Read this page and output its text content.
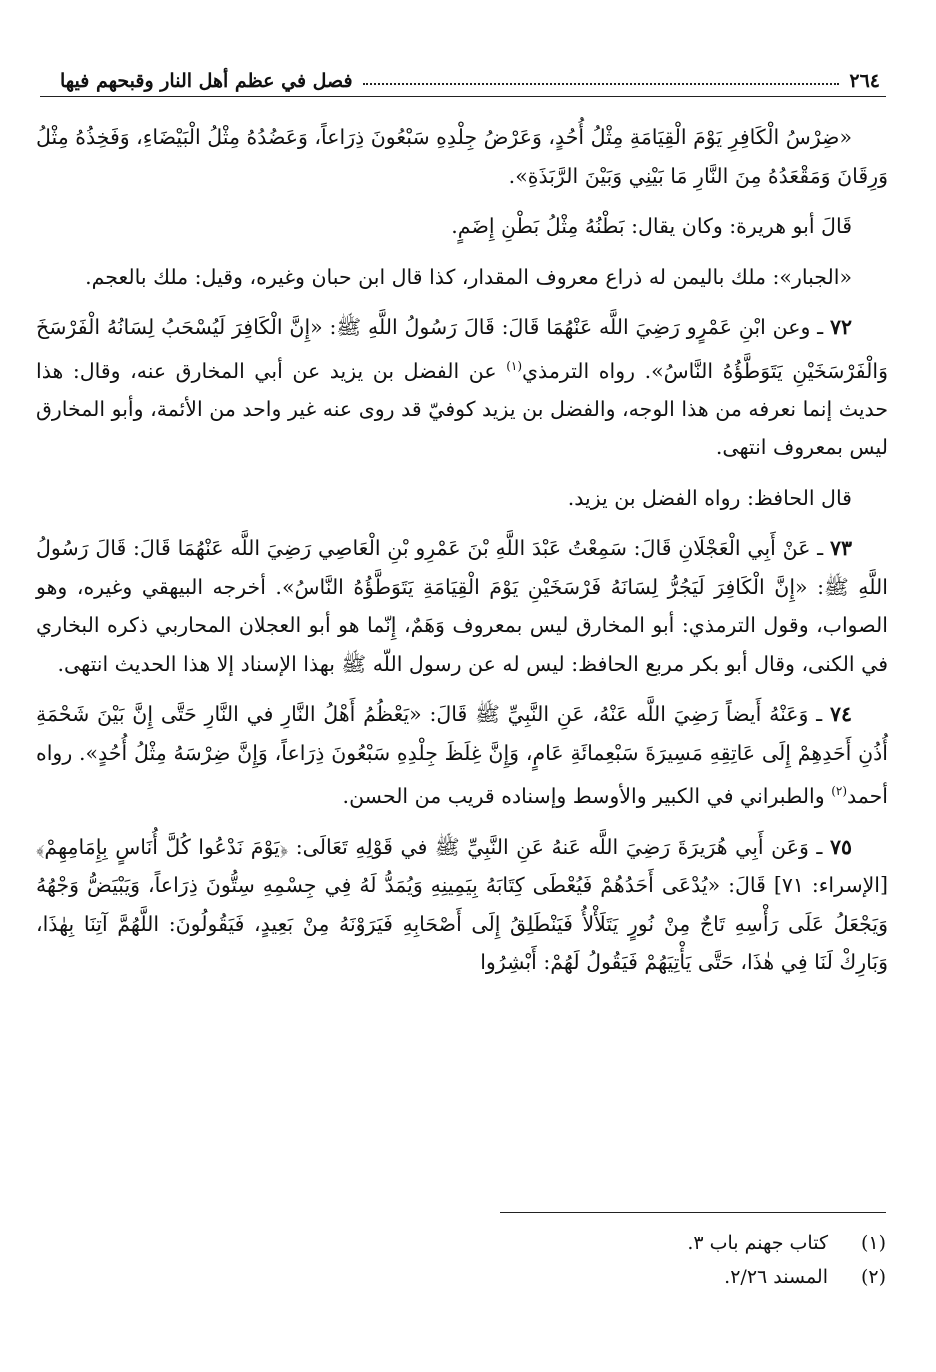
٢٦٤
فصل في عظم أهل النار وقبحهم فيها

«ضِرْسُ الْكَافِرِ يَوْمَ الْقِيَامَةِ مِثْلُ أُحُدٍ، وَعَرْضُ جِلْدِهِ سَبْعُونَ ذِرَاعاً، وَعَضُدُهُ مِثْلُ الْبَيْضَاءِ، وَفَخِذُهُ مِثْلُ وَرِقَانَ وَمَقْعَدُهُ مِنَ النَّارِ مَا بَيْنِي وَبَيْنَ الرَّبَذَةِ».

قَالَ أبو هريرة: وكان يقال: بَطْنُهُ مِثْلُ بَطْنِ إِضَمٍ.

«الجبار»: ملك باليمن له ذراع معروف المقدار، كذا قال ابن حبان وغيره، وقيل: ملك بالعجم.

٧٢ ـ وعن ابْنِ عَمْرٍو رَضِيَ اللَّه عَنْهُمَا قَالَ: قَالَ رَسُولُ اللَّهِ ﷺ: «إِنَّ الْكَافِرَ لَيُسْحَبُ لِسَانُهُ الْفَرْسَخَ وَالْفَرْسَخَيْنِ يَتَوَطَّؤُهُ النَّاسُ». رواه الترمذي$^{(١)}$ عن الفضل بن يزيد عن أبي المخارق عنه، وقال: هذا حديث إنما نعرفه من هذا الوجه، والفضل بن يزيد كوفيّ قد روى عنه غير واحد من الأئمة، وأبو المخارق ليس بمعروف انتهى.

قال الحافظ: رواه الفضل بن يزيد.

٧٣ ـ عَنْ أَبِي الْعَجْلَانِ قَالَ: سَمِعْتُ عَبْدَ اللَّهِ بْنَ عَمْرِو بْنِ الْعَاصِي رَضِيَ اللَّه عَنْهُمَا قَالَ: قَالَ رَسُولُ اللَّهِ ﷺ: «إِنَّ الْكَافِرَ لَيَجُرُّ لِسَانَهُ فَرْسَخَيْنِ يَوْمَ الْقِيَامَةِ يَتَوَطَّؤُهُ النَّاسُ». أخرجه البيهقي وغيره، وهو الصواب، وقول الترمذي: أبو المخارق ليس بمعروف وَهَمٌ، إِنّما هو أبو العجلان المحاربي ذكره البخاري في الكنى، وقال أبو بكر مربع الحافظ: ليس له عن رسول اللّه ﷺ بهذا الإسناد إلا هذا الحديث انتهى.

٧٤ ـ وَعَنْهُ أَيضاً رَضِيَ اللَّه عَنْهُ، عَنِ النَّبِيِّ ﷺ قَالَ: «يَعْظُمُ أَهْلُ النَّارِ في النَّارِ حَتَّى إِنَّ بَيْنَ شَحْمَةِ أُذُنِ أَحَدِهِمْ إِلَى عَاتِقِهِ مَسِيرَةَ سَبْعِمائَةِ عَامٍ، وَإِنَّ غِلَظَ جِلْدِهِ سَبْعُونَ ذِرَاعاً، وَإِنَّ ضِرْسَهُ مِثْلُ أُحُدٍ». رواه أحمد$^{(٢)}$ والطبراني في الكبير والأوسط وإسناده قريب من الحسن.

٧٥ ـ وَعَن أَبِي هُرَيرَةَ رَضِيَ اللَّه عَنهُ عَنِ النَّبِيِّ ﷺ في قَوْلِهِ تَعَالَى: ﴿يَوْمَ نَدْعُوا كُلَّ أُنَاسٍ بِإِمَامِهِمْ﴾ [الإسراء: ٧١] قَالَ: «يُدْعَى أَحَدُهُمْ فَيُعْطَى كِتَابَهُ بِيَمِينِهِ وَيُمَدُّ لَهُ فِي جِسْمِهِ سِتُّونَ ذِرَاعاً، وَيَبْيَضُّ وَجْهُهُ وَيَجْعَلُ عَلَى رَأْسِهِ تَاجٌ مِنْ نُورٍ يَتَلَأْلأُ فَيَنْطَلِقُ إِلَى أَصْحَابِهِ فَيَرَوْنَهُ مِنْ بَعِيدٍ، فَيَقُولُونَ: اللَّهُمَّ آتِنَا بِهٰذَا، وَبَارِكْ لَنَا فِي هٰذَا، حَتَّى يَأْتِيَهُمْ فَيَقُولُ لَهُمْ: أَبْشِرُوا

(١)
كتاب جهنم باب ٣.
(٢)
المسند ٢/٢٦.
